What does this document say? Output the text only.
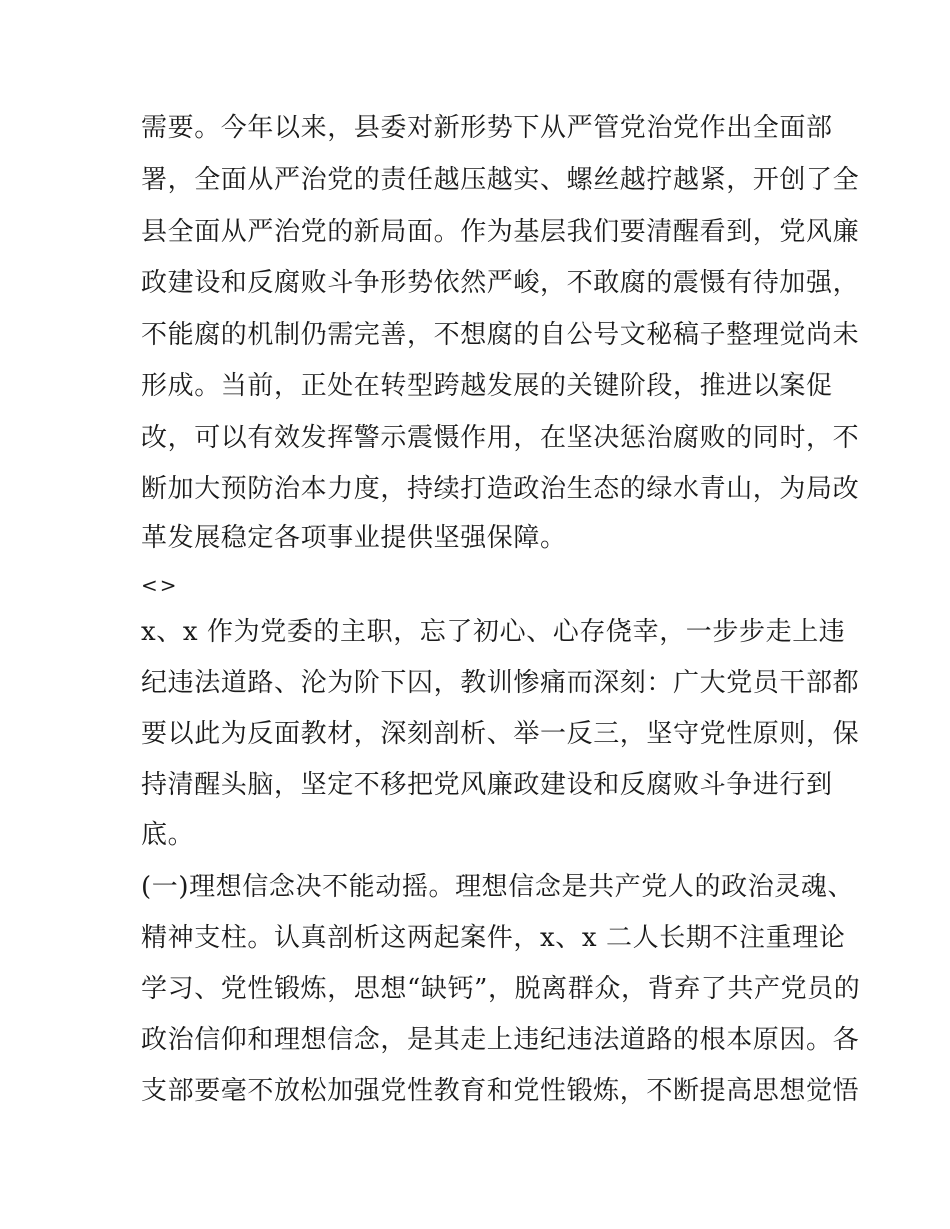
需要。今年以来，县委对新形势下从严管党治党作出全面部
署，全面从严治党的责任越压越实、螺丝越拧越紧，开创了全
县全面从严治党的新局面。作为基层我们要清醒看到，党风廉
政建设和反腐败斗争形势依然严峻，不敢腐的震慑有待加强，
不能腐的机制仍需完善，不想腐的自公号文秘稿子整理觉尚未
形成。当前，正处在转型跨越发展的关键阶段，推进以案促
改，可以有效发挥警示震慑作用，在坚决惩治腐败的同时，不
断加大预防治本力度，持续打造政治生态的绿水青山，为局改
革发展稳定各项事业提供坚强保障。
<>
x、x 作为党委的主职，忘了初心、心存侥幸，一步步走上违
纪违法道路、沦为阶下囚，教训惨痛而深刻：广大党员干部都
要以此为反面教材，深刻剖析、举一反三，坚守党性原则，保
持清醒头脑，坚定不移把党风廉政建设和反腐败斗争进行到
底。
(一)理想信念决不能动摇。理想信念是共产党人的政治灵魂、
精神支柱。认真剖析这两起案件，x、x 二人长期不注重理论
学习、党性锻炼，思想“缺钙”，脱离群众，背弃了共产党员的
政治信仰和理想信念，是其走上违纪违法道路的根本原因。各
支部要毫不放松加强党性教育和党性锻炼，不断提高思想觉悟
